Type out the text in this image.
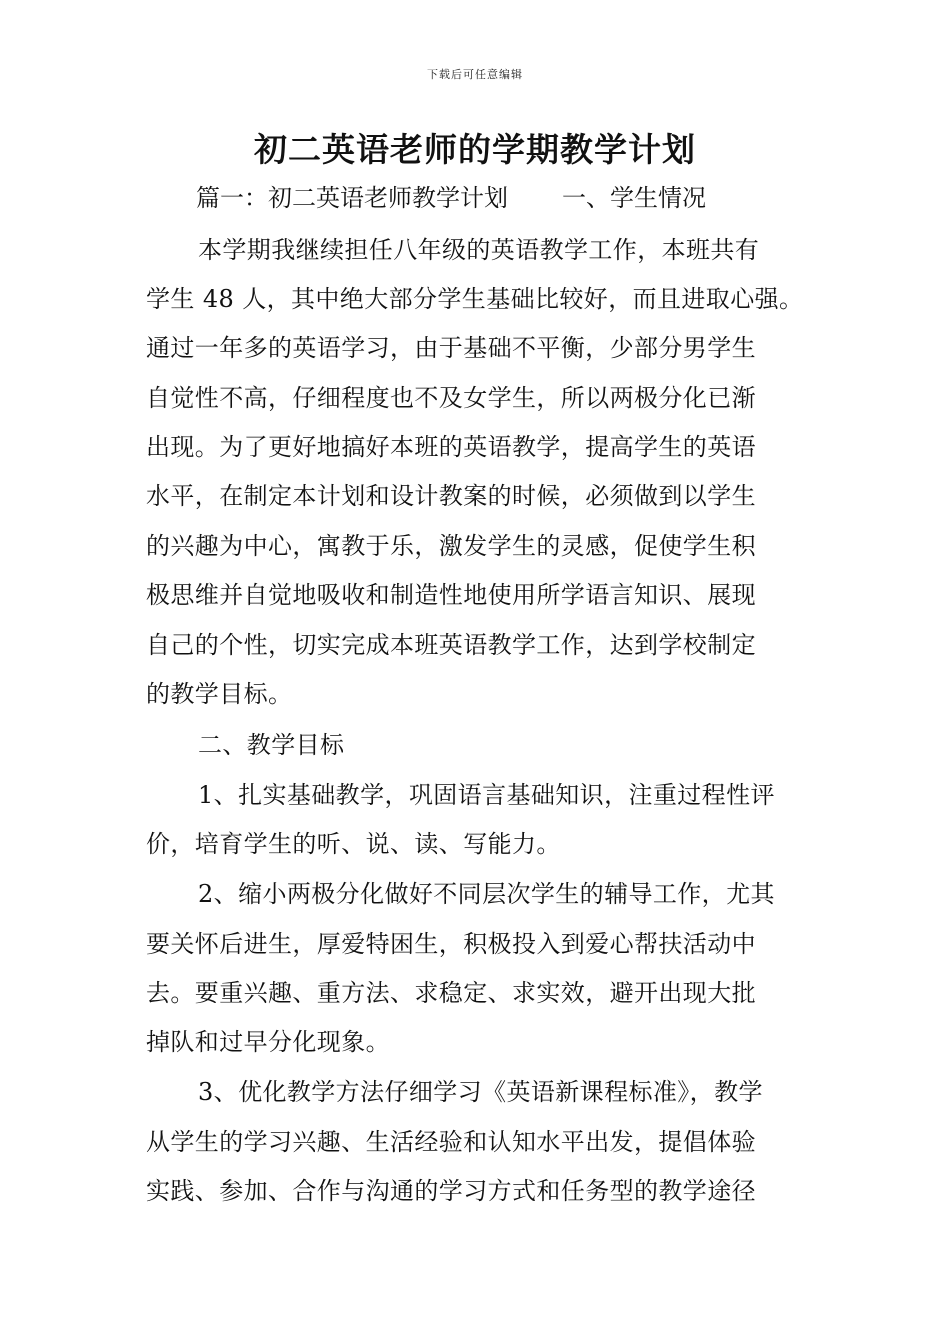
下载后可任意编辑
初二英语老师的学期教学计划
篇一：初二英语老师教学计划 一、学生情况
本学期我继续担任八年级的英语教学工作，本班共有
学生 48 人，其中绝大部分学生基础比较好，而且进取心强。
通过一年多的英语学习，由于基础不平衡，少部分男学生
自觉性不高，仔细程度也不及女学生，所以两极分化已渐
出现。为了更好地搞好本班的英语教学，提高学生的英语
水平，在制定本计划和设计教案的时候，必须做到以学生
的兴趣为中心，寓教于乐，激发学生的灵感，促使学生积
极思维并自觉地吸收和制造性地使用所学语言知识、展现
自己的个性，切实完成本班英语教学工作，达到学校制定
的教学目标。
二、教学目标
1、扎实基础教学，巩固语言基础知识，注重过程性评
价，培育学生的听、说、读、写能力。
2、缩小两极分化做好不同层次学生的辅导工作，尤其
要关怀后进生，厚爱特困生，积极投入到爱心帮扶活动中
去。要重兴趣、重方法、求稳定、求实效，避开出现大批
掉队和过早分化现象。
3、优化教学方法仔细学习《英语新课程标准》，教学
从学生的学习兴趣、生活经验和认知水平出发，提倡体验
实践、参加、合作与沟通的学习方式和任务型的教学途径
